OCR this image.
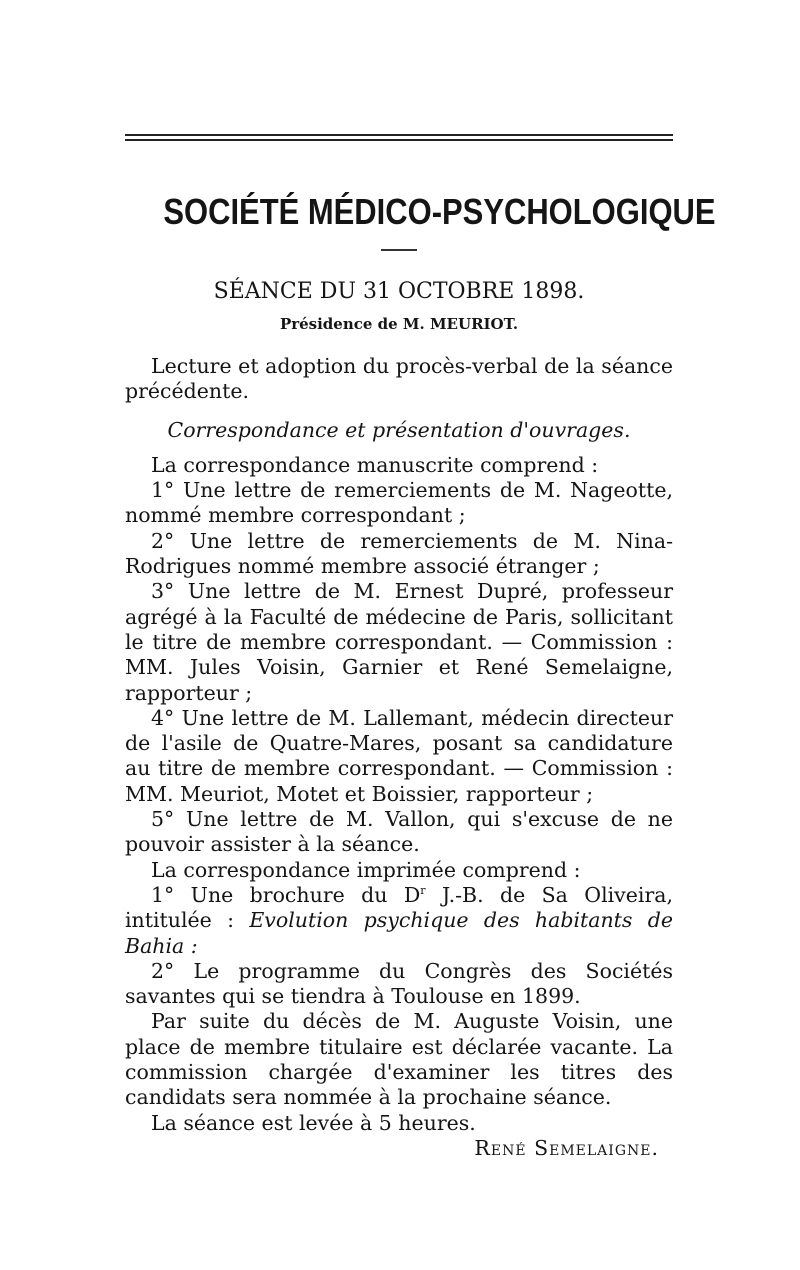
SOCIÉTÉ MÉDICO-PSYCHOLOGIQUE
SÉANCE DU 31 OCTOBRE 1898.
Présidence de M. MEURIOT.

Lecture et adoption du procès-verbal de la séance précédente.

Correspondance et présentation d'ouvrages.

La correspondance manuscrite comprend :

1° Une lettre de remerciements de M. Nageotte, nommé membre correspondant ;

2° Une lettre de remerciements de M. Nina-Rodrigues nommé membre associé étranger ;

3° Une lettre de M. Ernest Dupré, professeur agrégé à la Faculté de médecine de Paris, sollicitant le titre de membre correspondant. — Commission : MM. Jules Voisin, Garnier et René Semelaigne, rapporteur ;

4° Une lettre de M. Lallemant, médecin directeur de l'asile de Quatre-Mares, posant sa candidature au titre de membre correspondant. — Commission : MM. Meuriot, Motet et Boissier, rapporteur ;

5° Une lettre de M. Vallon, qui s'excuse de ne pouvoir assister à la séance.

La correspondance imprimée comprend :

1° Une brochure du $D^r$ J.-B. de Sa Oliveira, intitulée : Evolution psychique des habitants de Bahia :

2° Le programme du Congrès des Sociétés savantes qui se tiendra à Toulouse en 1899.

Par suite du décès de M. Auguste Voisin, une place de membre titulaire est déclarée vacante. La commission chargée d'examiner les titres des candidats sera nommée à la prochaine séance.

La séance est levée à 5 heures.

René Semelaigne.
